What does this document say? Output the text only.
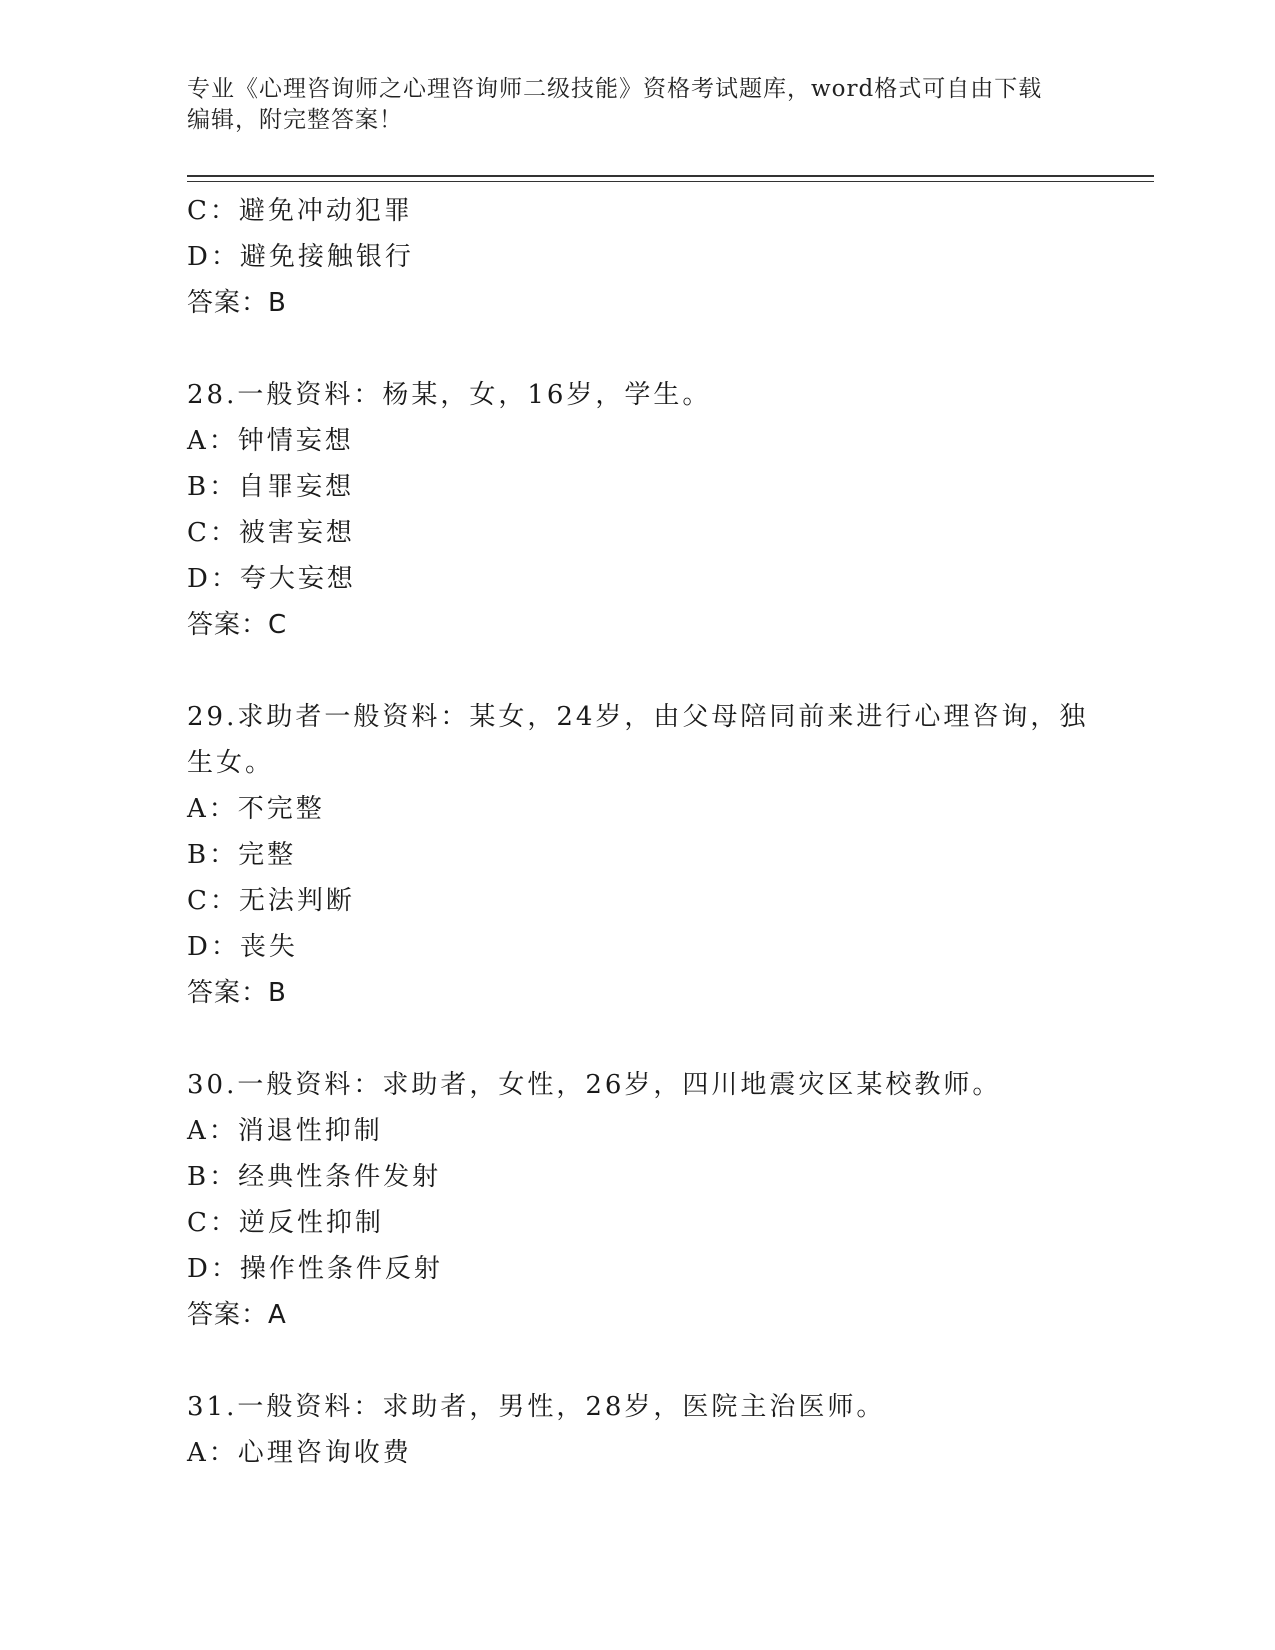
专业《心理咨询师之心理咨询师二级技能》资格考试题库，word格式可自由下载
编辑，附完整答案！
C：避免冲动犯罪
D：避免接触银行
答案：B
28.一般资料：杨某，女，16岁，学生。
A：钟情妄想
B：自罪妄想
C：被害妄想
D：夸大妄想
答案：C
29.求助者一般资料：某女，24岁，由父母陪同前来进行心理咨询，独
生女。
A：不完整
B：完整
C：无法判断
D：丧失
答案：B
30.一般资料：求助者，女性，26岁，四川地震灾区某校教师。
A：消退性抑制
B：经典性条件发射
C：逆反性抑制
D：操作性条件反射
答案：A
31.一般资料：求助者，男性，28岁，医院主治医师。
A：心理咨询收费
